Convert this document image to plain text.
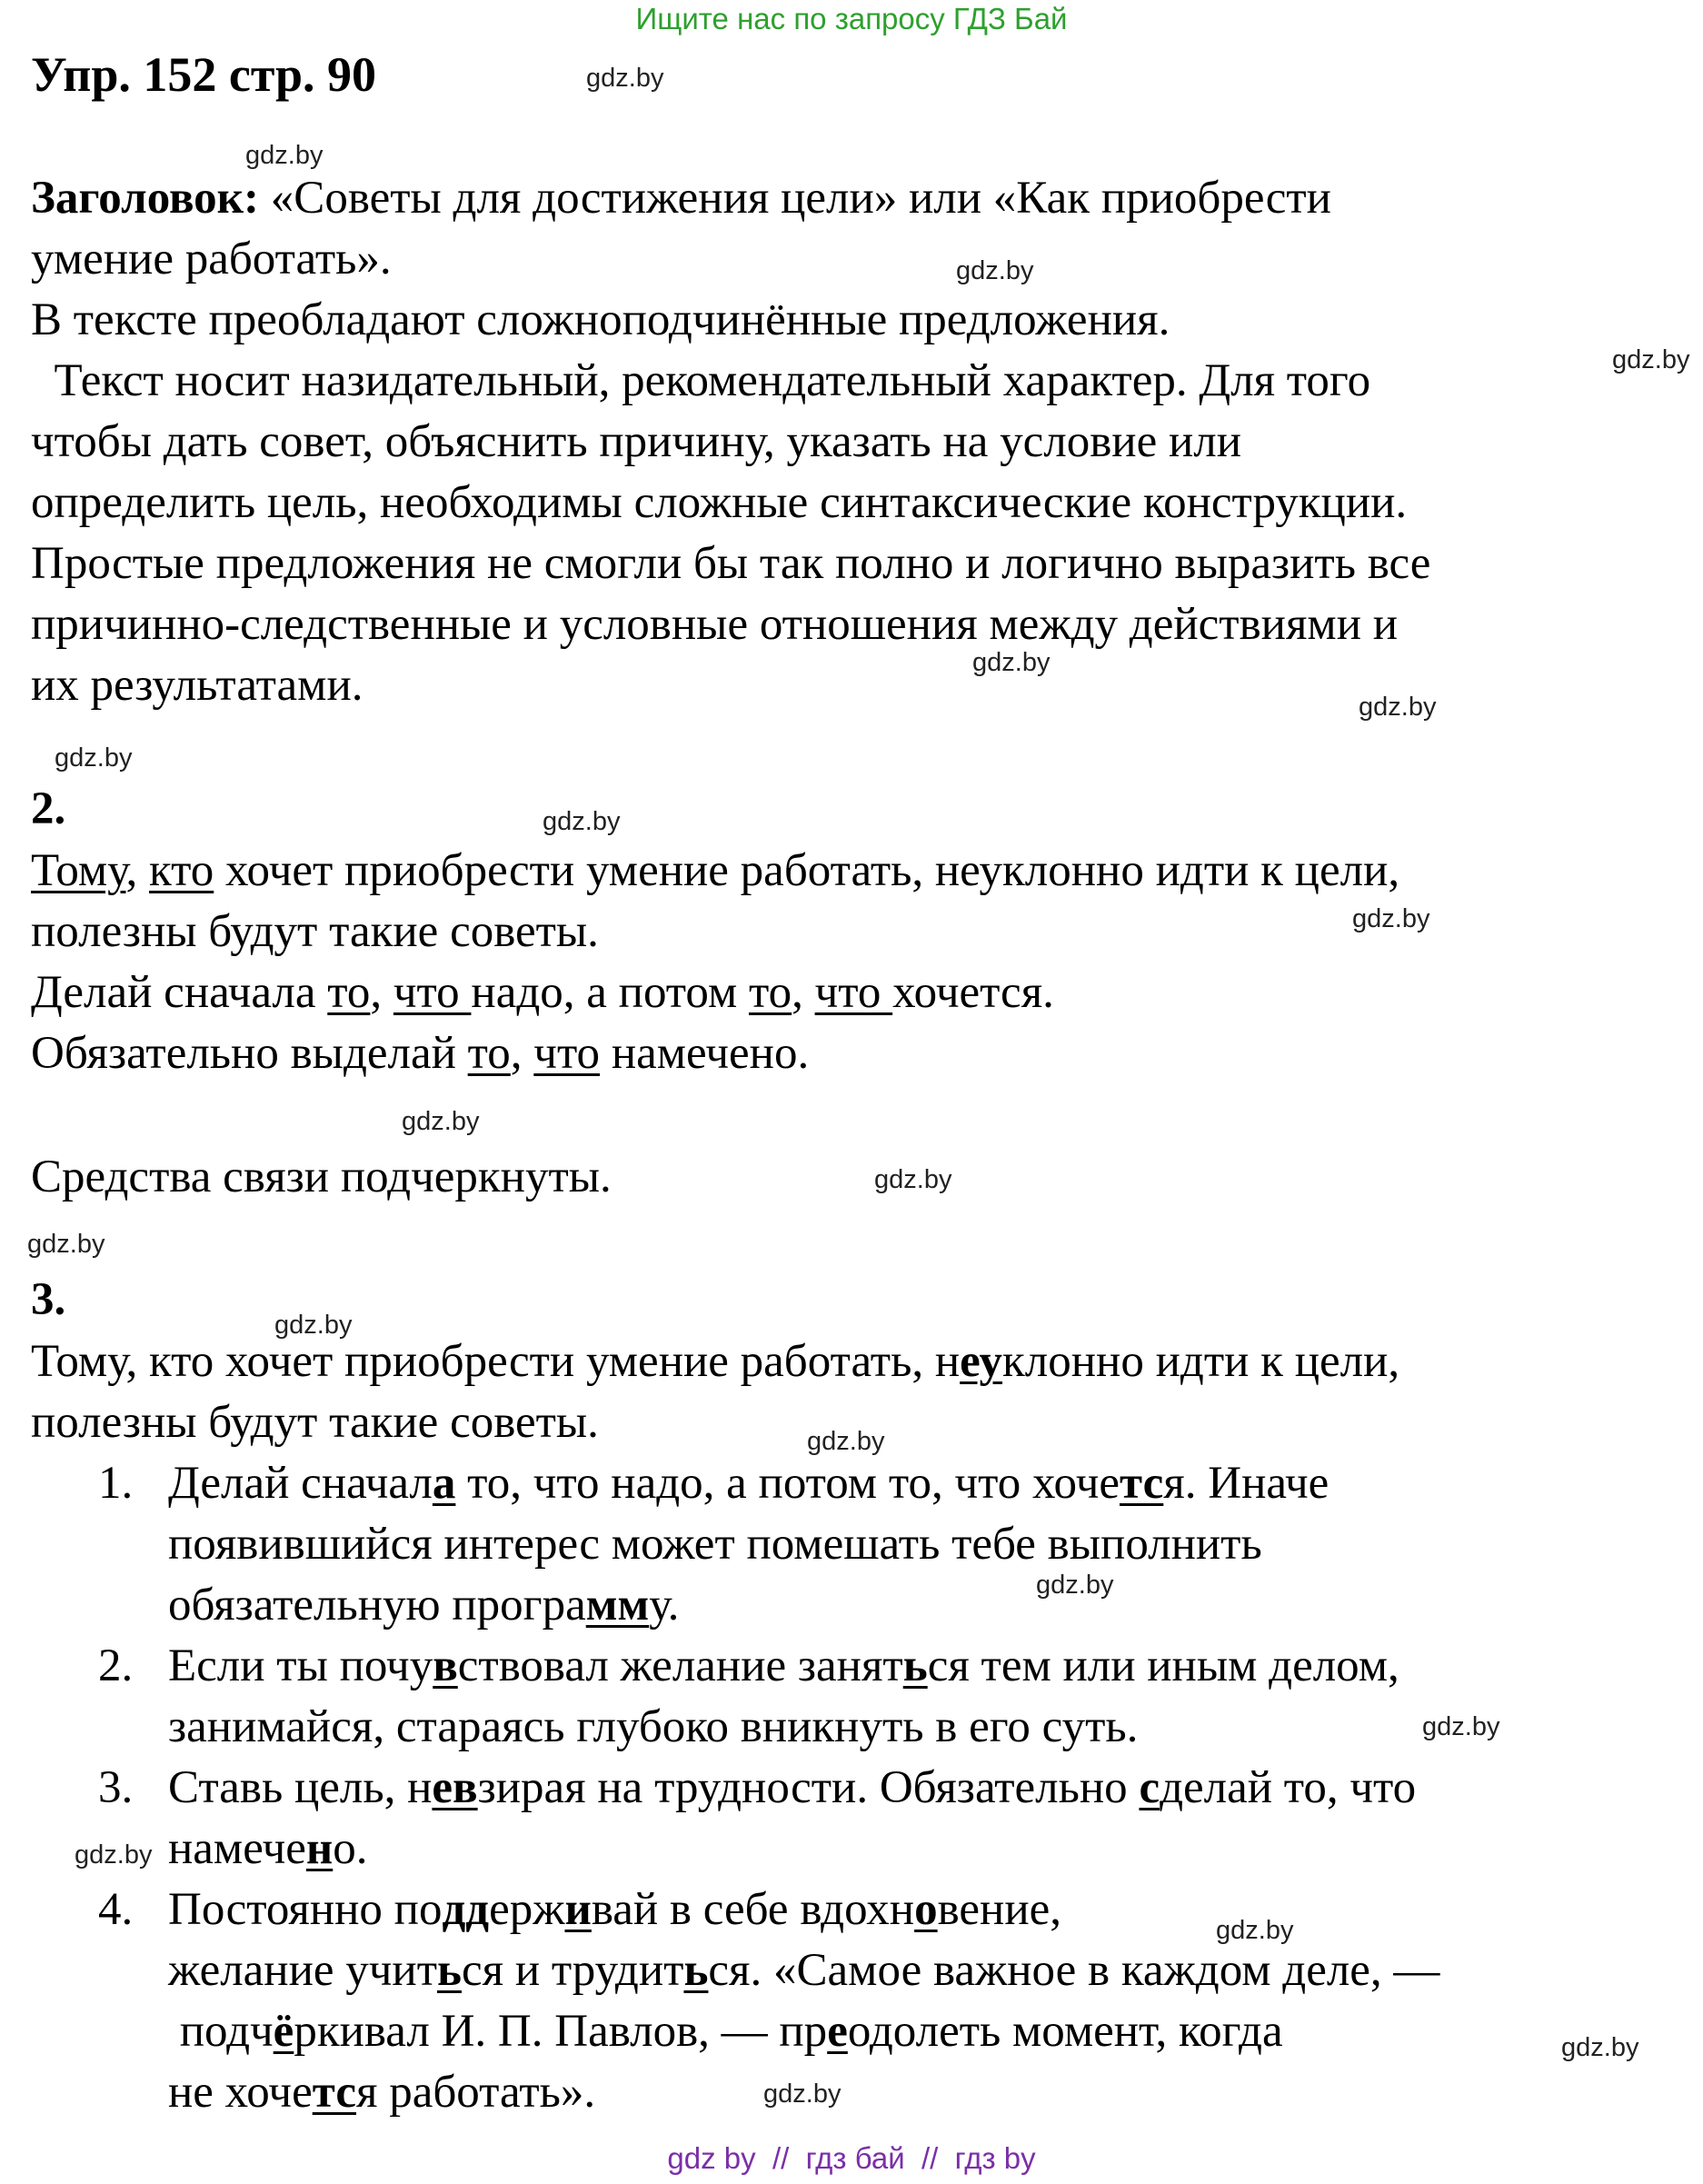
Ищите нас по запросу ГДЗ Бай
Упр. 152 стр. 90	gdz.by
gdz.by
gdz.by
gdz.by
gdz.by
gdz.by
gdz.by
gdz.by
gdz.by
gdz.by
gdz.by
gdz.by
gdz.by
gdz.by
gdz.by
gdz.by
gdz.by
gdz.by
gdz.by
gdz.by
Заголовок: «Советы для достижения цели» или «Как приобрести
умение работать».
В тексте преобладают сложноподчинённые предложения.
Текст носит назидательный, рекомендательный характер. Для того
чтобы дать совет, объяснить причину, указать на условие или
определить цель, необходимы сложные синтаксические конструкции.
Простые предложения не смогли бы так полно и логично выразить все
причинно-следственные и условные отношения между действиями и
их результатами.
2.
Тому, кто хочет приобрести умение работать, неуклонно идти к цели,
полезны будут такие советы.
Делай сначала то, что надо, а потом то, что хочется.
Обязательно выделай то, что намечено.
Средства связи подчеркнуты.
3.
Тому, кто хочет приобрести умение работать, неуклонно идти к цели,
полезны будут такие советы.
1. Делай сначала то, что надо, а потом то, что хочется. Иначе
появившийся интерес может помешать тебе выполнить
обязательную программу.
2. Если ты почувствовал желание заняться тем или иным делом,
занимайся, стараясь глубоко вникнуть в его суть.
3. Ставь цель, невзирая на трудности. Обязательно сделай то, что
намечено.
4. Постоянно поддерживай в себе вдохновение,
желание учиться и трудиться. «Самое важное в каждом деле, —
подчёркивал И. П. Павлов, — преодолеть момент, когда
не хочется работать».
gdz by  //  гдз бай  //  гдз by
